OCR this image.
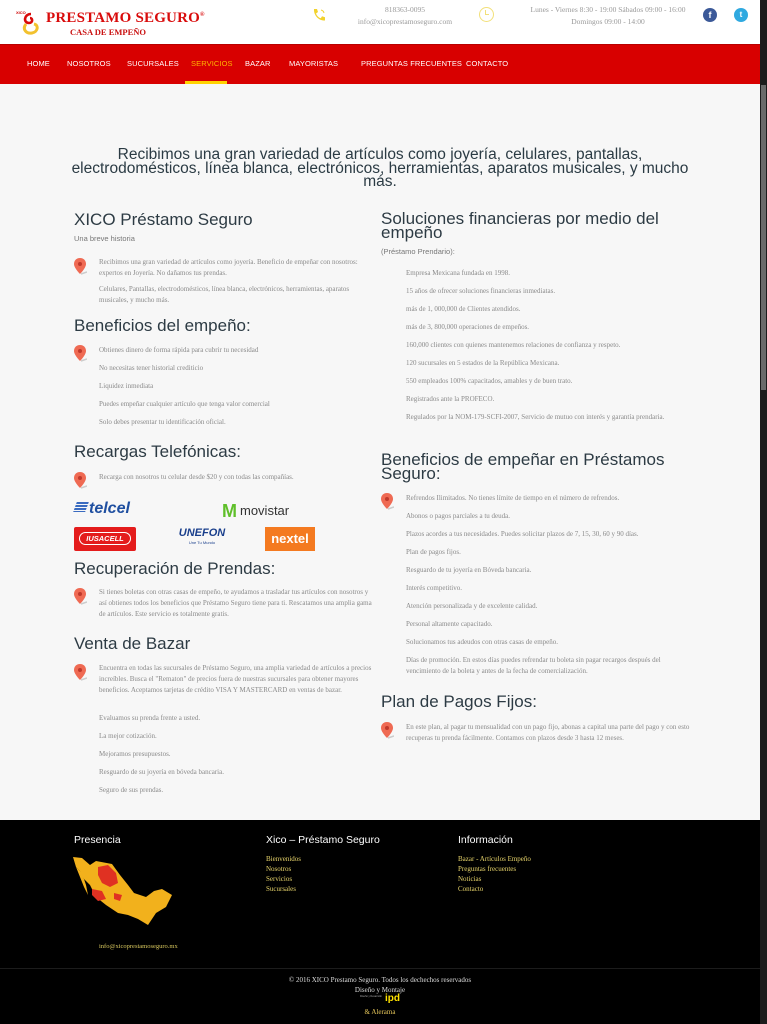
XICO PRESTAMO SEGURO®
CASA DE EMPEÑO
818363-0095
info@xicoprestamoseguro.com
Lunes - Viernes 8:30 - 19:00 Sábados 09:00 - 16:00
Domingos 09:00 - 14:00
f	t
HOME NOSOTROS SUCURSALES SERVICIOS BAZAR MAYORISTAS	PREGUNTAS FRECUENTES CONTACTO
Recibimos una gran variedad de artículos como joyería, celulares, pantallas, electrodomésticos, línea blanca, electrónicos, herramientas, aparatos musicales, y mucho más.
XICO Préstamo Seguro
Una breve historia
Recibimos una gran variedad de artículos como joyería. Beneficio de empeñar con nosotros: expertos en Joyería. No dañamos tus prendas.
Celulares, Pantallas, electrodomésticos, línea blanca, electrónicos, herramientas, aparatos musicales, y mucho más.
Beneficios del empeño:
Obtienes dinero de forma rápida para cubrir tu necesidad
No necesitas tener historial crediticio
Liquidez inmediata
Puedes empeñar cualquier artículo que tenga valor comercial
Solo debes presentar tu identificación oficial.
Recargas Telefónicas:
Recarga con nosotros tu celular desde $20 y con todas las compañías.
telcel	M movistar
IUSACELL	UNEFON
Une Tu Mundo	nextel
Recuperación de Prendas:
Si tienes boletas con otras casas de empeño, te ayudamos a trasladar tus artículos con nosotros y así obtienes todos los beneficios que Préstamo Seguro tiene para ti. Rescatamos una amplia gama de artículos. Este servicio es totalmente gratis.
Venta de Bazar
Encuentra en todas las sucursales de Préstamo Seguro, una amplia variedad de artículos a precios increíbles. Busca el "Rematon" de precios fuera de nuestras sucursales para obtener mayores beneficios. Aceptamos tarjetas de crédito VISA Y MASTERCARD en ventas de bazar.
Evaluamos su prenda frente a usted.
La mejor cotización.
Mejoramos presupuestos.
Resguardo de su joyería en bóveda bancaria.
Seguro de sus prendas.
Soluciones financieras por medio del empeño
(Préstamo Prendario):
Empresa Mexicana fundada en 1998.
15 años de ofrecer soluciones financieras inmediatas.
más de 1, 000,000 de Clientes atendidos.
más de 3, 800,000 operaciones de empeños.
160,000 clientes con quienes mantenemos relaciones de confianza y respeto.
120 sucursales en 5 estados de la República Mexicana.
550 empleados 100% capacitados, amables y de buen trato.
Registrados ante la PROFECO.
Regulados por la NOM-179-SCFI-2007, Servicio de mutuo con interés y garantía prendaria.
Beneficios de empeñar en Préstamos Seguro:
Refrendos Ilimitados. No tienes límite de tiempo en el número de refrendos.
Abonos o pagos parciales a tu deuda.
Plazos acordes a tus necesidades. Puedes solicitar plazos de 7, 15, 30, 60 y 90 días.
Plan de pagos fijos.
Resguardo de tu joyería en Bóveda bancaria.
Interés competitivo.
Atención personalizada y de excelente calidad.
Personal altamente capacitado.
Solucionamos tus adeudos con otras casas de empeño.
Días de promoción. En estos días puedes refrendar tu boleta sin pagar recargos después del vencimiento de la boleta y antes de la fecha de comercialización.
Plan de Pagos Fijos:
En este plan, al pagar tu mensualidad con un pago fijo, abonas a capital una parte del pago y con esto recuperas tu prenda fácilmente. Contamos con plazos desde 3 hasta 12 meses.
Presencia
info@xicoprestamoseguro.mx
Xico – Préstamo Seguro
Bienvenidos
Nosotros
Servicios
Sucursales
Información
Bazar - Artículos Empeño
Preguntas frecuentes
Noticias
Contacto
© 2016 XICO Prestamo Seguro. Todos los dechechos reservados
Diseño y Montaje
Diseño y Desarrollo ipd
& Alerama
